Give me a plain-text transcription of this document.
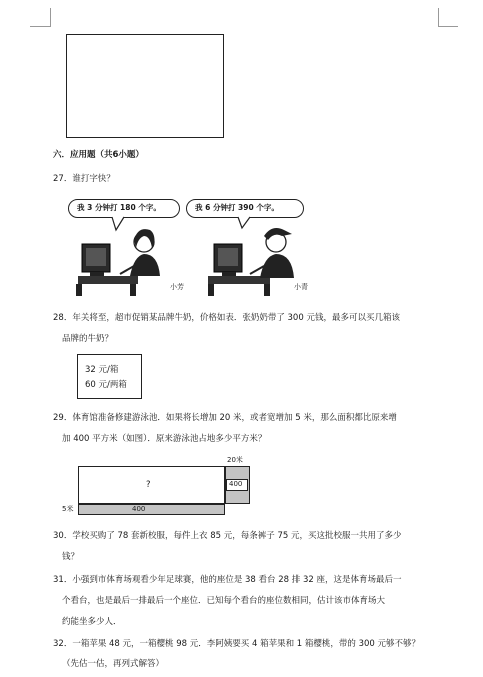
六．应用题（共6小题）
27．谁打字快？
我 3 分钟打 180 个字。	我 6 分钟打 390 个字。
小芳	小青
28．年关将至，超市促销某品牌牛奶，价格如表．张奶奶带了 300 元钱，最多可以买几箱该
品牌的牛奶？
32 元/箱
60 元/两箱
29．体育馆准备修建游泳池．如果将长增加 20 米，或者宽增加 5 米，那么面积都比原来增
加 400 平方米（如图）．原来游泳池占地多少平方米？
?	400
20米
400
5米
30．学校买购了 78 套新校服，每件上衣 85 元，每条裤子 75 元，买这批校服一共用了多少
钱？
31．小强到市体育场观看少年足球赛，他的座位是 38 看台 28 排 32 座，这是体育场最后一
个看台，也是最后一排最后一个座位．已知每个看台的座位数相同，估计该市体育场大
约能坐多少人．
32．一箱苹果 48 元，一箱樱桃 98 元．李阿姨要买 4 箱苹果和 1 箱樱桃，带的 300 元够不够？
（先估一估，再列式解答）
